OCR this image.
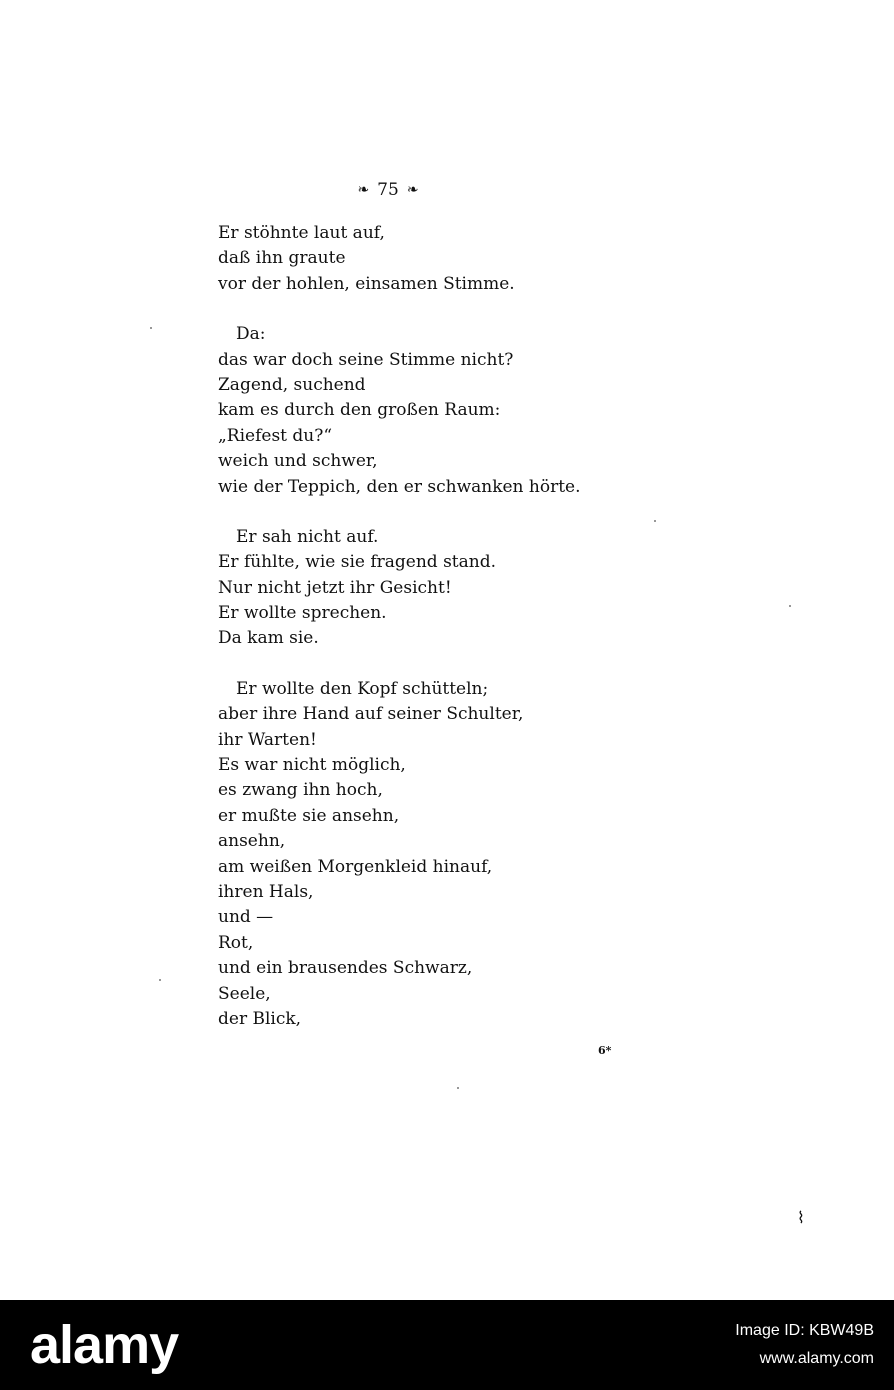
❧ 75 ❧
Er stöhnte laut auf,
daß ihn graute
vor der hohlen, einsamen Stimme.
Da:
das war doch seine Stimme nicht?
Zagend, suchend
kam es durch den großen Raum:
„Riefest du?“
weich und schwer,
wie der Teppich, den er schwanken hörte.
Er sah nicht auf.
Er fühlte, wie sie fragend stand.
Nur nicht jetzt ihr Gesicht!
Er wollte sprechen.
Da kam sie.
Er wollte den Kopf schütteln;
aber ihre Hand auf seiner Schulter,
ihr Warten!
Es war nicht möglich,
es zwang ihn hoch,
er mußte sie ansehn,
ansehn,
am weißen Morgenkleid hinauf,
ihren Hals,
und —
Rot,
und ein brausendes Schwarz,
Seele,
der Blick,
6*
⌇
alamy	Image ID: KBW49B
www.alamy.com
